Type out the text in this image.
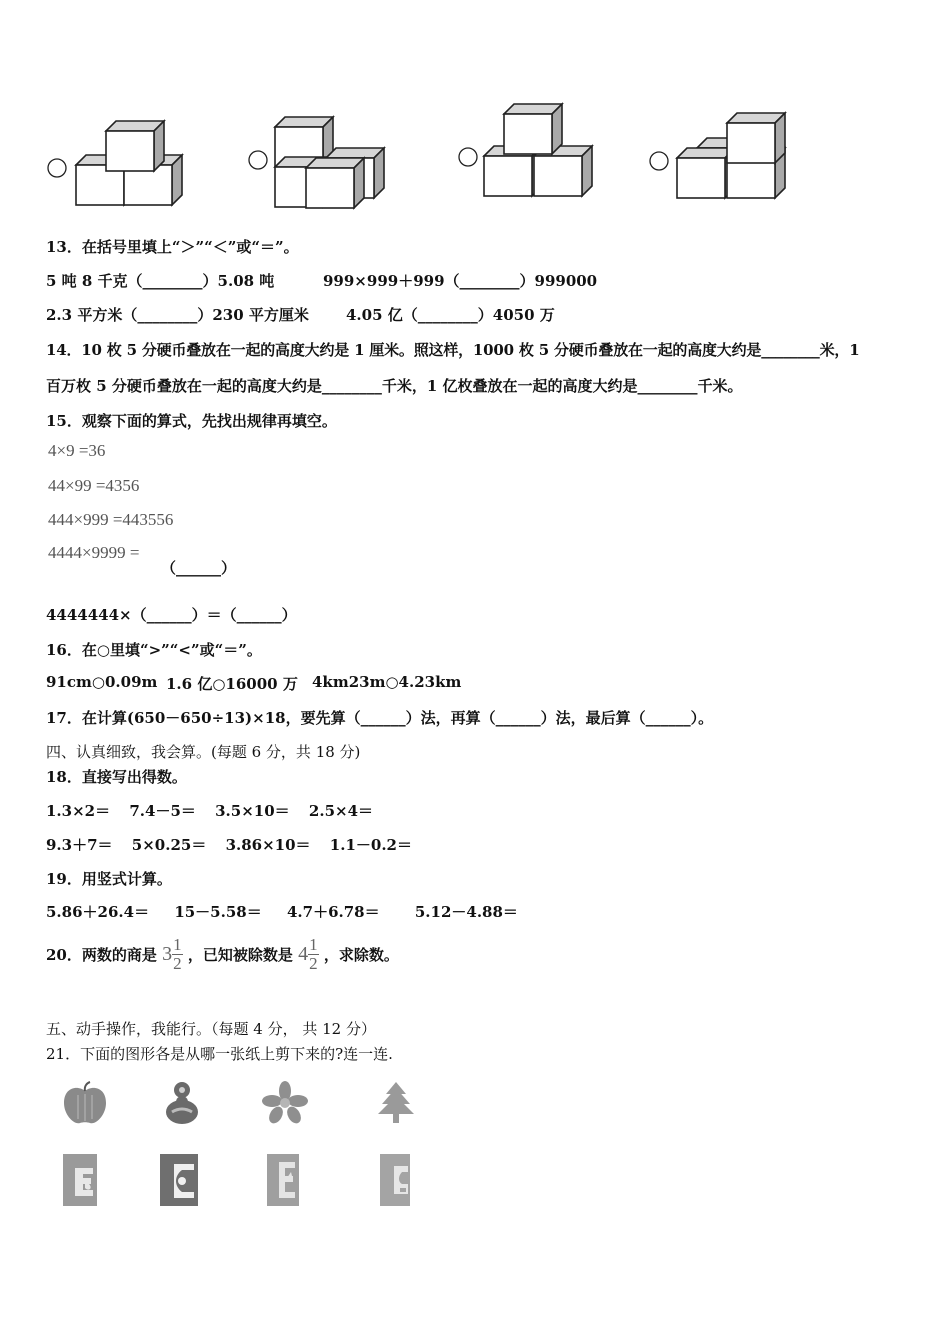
13．在括号里填上“＞”“＜”或“＝”。
5 吨 8 千克（________）5.08 吨	999×999＋999（________）999000
2.3 平方米（________）230 平方厘米 4.05 亿（________）4050 万
14．10 枚 5 分硬币叠放在一起的高度大约是 1 厘米。照这样，1000 枚 5 分硬币叠放在一起的高度大约是________米，1
百万枚 5 分硬币叠放在一起的高度大约是________千米，1 亿枚叠放在一起的高度大约是________千米。
15．观察下面的算式，先找出规律再填空。
4×9 =36
44×99 =4356
444×999 =443556
4444×9999 =
（______）
4444444×（______）＝（______）
16．在○里填“>”“<”或“＝”。
91cm○0.09m 1.6 亿○16000 万 4km23m○4.23km
17．在计算(650－650÷13)×18，要先算（______）法，再算（______）法，最后算（______）。
四、认真细致，我会算。(每题 6 分，共 18 分)
18．直接写出得数。
1.3×2＝ 7.4－5＝ 3.5×10＝ 2.5×4＝
9.3＋7＝ 5×0.25＝ 3.86×10＝ 1.1－0.2＝
19．用竖式计算。
5.86＋26.4＝ 15－5.58＝ 4.7＋6.78＝ 5.12－4.88＝
20．两数的商是 $3 \frac{1}{2}$ ，已知被除数是 $4 \frac{1}{2}$ ，求除数。
五、动手操作，我能行。（每题 4 分， 共 12 分）
21．下面的图形各是从哪一张纸上剪下来的?连一连.
